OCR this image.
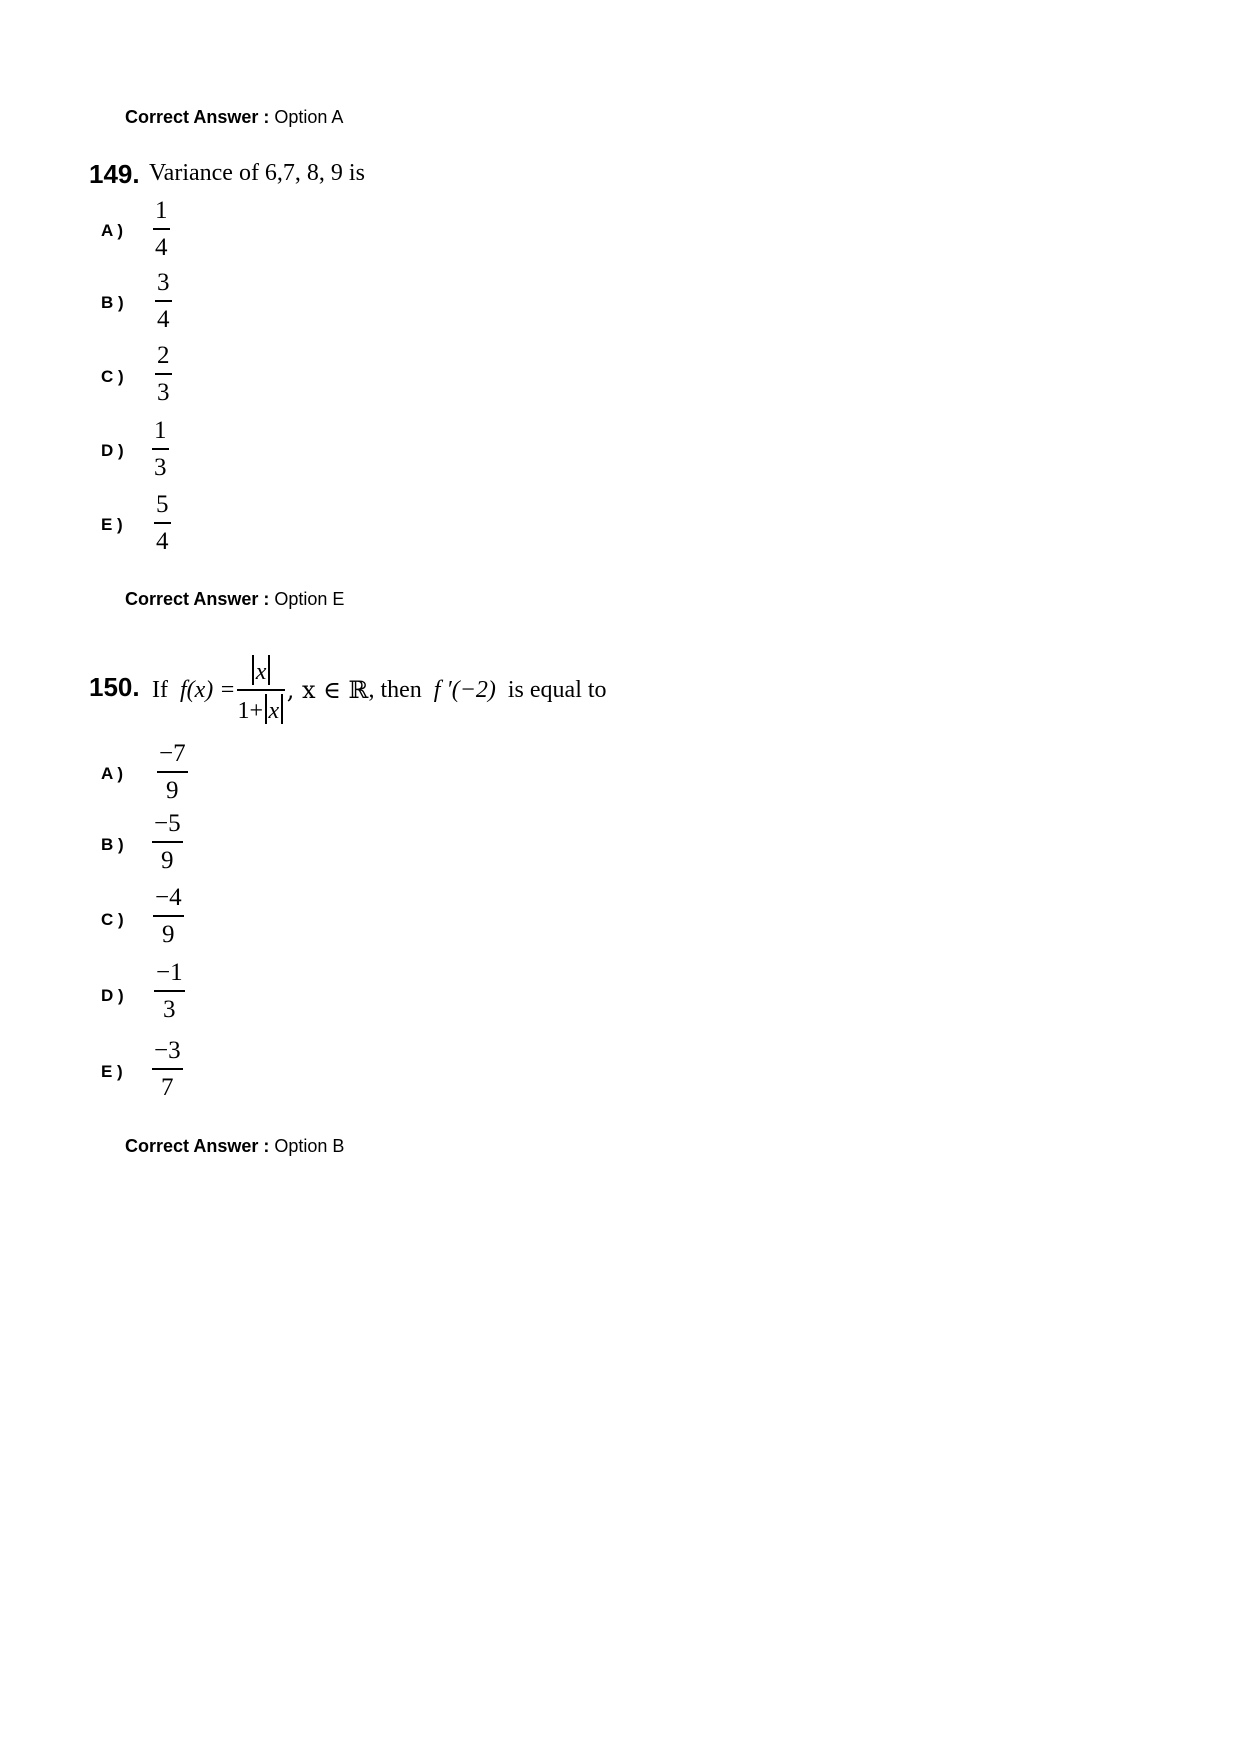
Correct Answer : Option A
149. Variance of 6,7, 8, 9 is
A )
1
4
B )
3
4
C )
2
3
D )
1
3
E )
5
4
Correct Answer : Option E
150. If
$f(x) = \frac{x}{1+ x}$ , x ∈ ℝ , then
f ′(−2)
is equal to
A )
−7
9
B )
−5
9
C )
−4
9
D )
−1
3
E )
−3
7
Correct Answer : Option B
